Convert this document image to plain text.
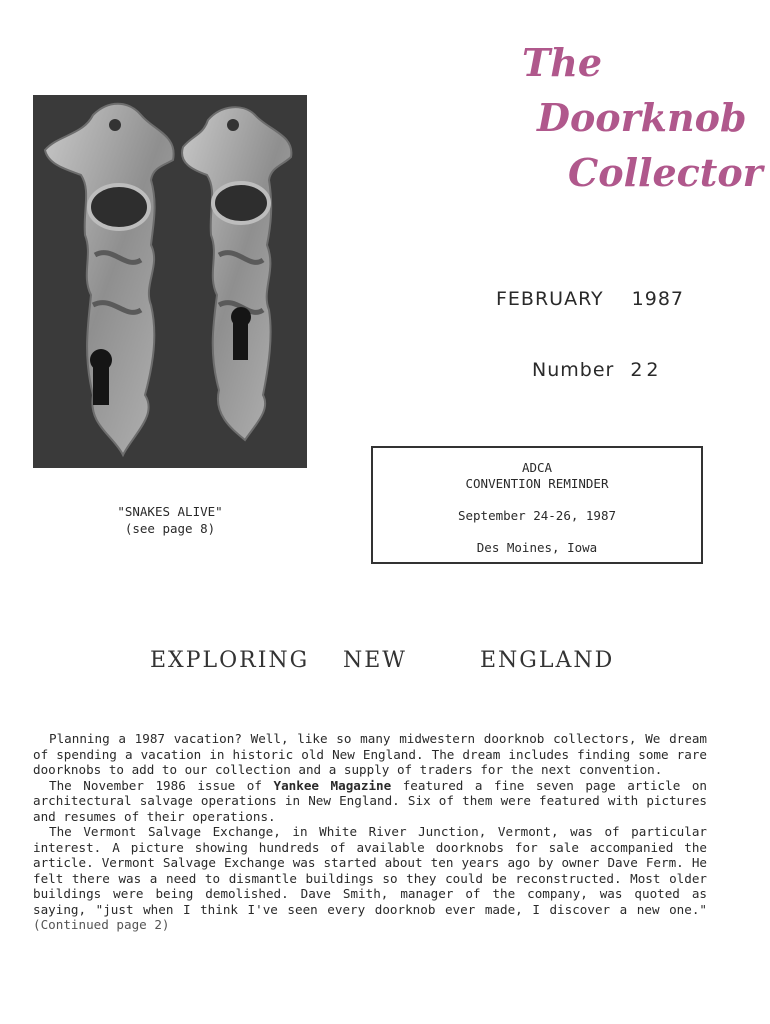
"SNAKES ALIVE"
(see page 8)
The
Doorknob
Collector
FEBRUARY 1987
Number 22
ADCA
CONVENTION REMINDER
September 24-26, 1987
Des Moines, Iowa
EXPLORING NEW	ENGLAND

Planning a 1987 vacation? Well, like so many midwestern doorknob collectors, We dream of spending a vacation in historic old New England. The dream includes finding some rare doorknobs to add to our collection and a supply of traders for the next convention.

The November 1986 issue of Yankee Magazine featured a fine seven page article on architectural salvage operations in New England. Six of them were featured with pictures and resumes of their operations.

The Vermont Salvage Exchange, in White River Junction, Vermont, was of particular interest. A picture showing hundreds of available doorknobs for sale accompanied the article. Vermont Salvage Exchange was started about ten years ago by owner Dave Ferm. He felt there was a need to dismantle buildings so they could be reconstructed. Most older buildings were being demolished. Dave Smith, manager of the company, was quoted as saying, "just when I think I've seen every doorknob ever made, I discover a new one." (Continued page 2)
